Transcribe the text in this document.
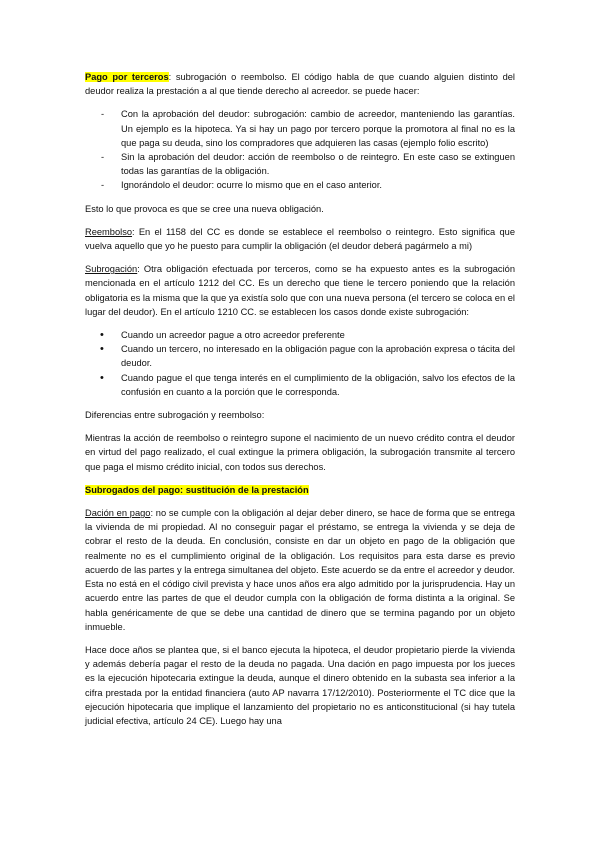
Pago por terceros: subrogación o reembolso. El código habla de que cuando alguien distinto del deudor realiza la prestación a al que tiende derecho al acreedor. se puede hacer:

- Con la aprobación del deudor: subrogación: cambio de acreedor, manteniendo las garantías. Un ejemplo es la hipoteca. Ya si hay un pago por tercero porque la promotora al final no es la que paga su deuda, sino los compradores que adquieren las casas (ejemplo folio escrito)
- Sin la aprobación del deudor: acción de reembolso o de reintegro. En este caso se extinguen todas las garantías de la obligación.
- Ignorándolo el deudor: ocurre lo mismo que en el caso anterior.

Esto lo que provoca es que se cree una nueva obligación.

Reembolso: En el 1158 del CC es donde se establece el reembolso o reintegro. Esto significa que vuelva aquello que yo he puesto para cumplir la obligación (el deudor deberá pagármelo a mi)

Subrogación: Otra obligación efectuada por terceros, como se ha expuesto antes es la subrogación mencionada en el artículo 1212 del CC. Es un derecho que tiene le tercero poniendo que la relación obligatoria es la misma que la que ya existía solo que con una nueva persona (el tercero se coloca en el lugar del deudor). En el artículo 1210 CC. se establecen los casos donde existe subrogación:

• Cuando un acreedor pague a otro acreedor preferente
• Cuando un tercero, no interesado en la obligación pague con la aprobación expresa o tácita del deudor.
• Cuando pague el que tenga interés en el cumplimiento de la obligación, salvo los efectos de la confusión en cuanto a la porción que le corresponda.

Diferencias entre subrogación y reembolso:

Mientras la acción de reembolso o reintegro supone el nacimiento de un nuevo crédito contra el deudor en virtud del pago realizado, el cual extingue la primera obligación, la subrogación transmite al tercero que paga el mismo crédito inicial, con todos sus derechos.

Subrogados del pago: sustitución de la prestación

Dación en pago: no se cumple con la obligación al dejar deber dinero, se hace de forma que se entrega la vivienda de mi propiedad. Al no conseguir pagar el préstamo, se entrega la vivienda y se deja de cobrar el resto de la deuda. En conclusión, consiste en dar un objeto en pago de la obligación que realmente no es el cumplimiento original de la obligación. Los requisitos para esta darse es previo acuerdo de las partes y la entrega simultanea del objeto. Este acuerdo se da entre el acreedor y deudor. Esta no está en el código civil prevista y hace unos años era algo admitido por la jurisprudencia. Hay un acuerdo entre las partes de que el deudor cumpla con la obligación de forma distinta a la original. Se habla genéricamente de que se debe una cantidad de dinero que se termina pagando por un objeto inmueble.

Hace doce años se plantea que, si el banco ejecuta la hipoteca, el deudor propietario pierde la vivienda y además debería pagar el resto de la deuda no pagada. Una dación en pago impuesta por los jueces es la ejecución hipotecaria extingue la deuda, aunque el dinero obtenido en la subasta sea inferior a la cifra prestada por la entidad financiera (auto AP navarra 17/12/2010). Posteriormente el TC dice que la ejecución hipotecaria que implique el lanzamiento del propietario no es anticonstitucional (si hay tutela judicial efectiva, artículo 24 CE). Luego hay una
